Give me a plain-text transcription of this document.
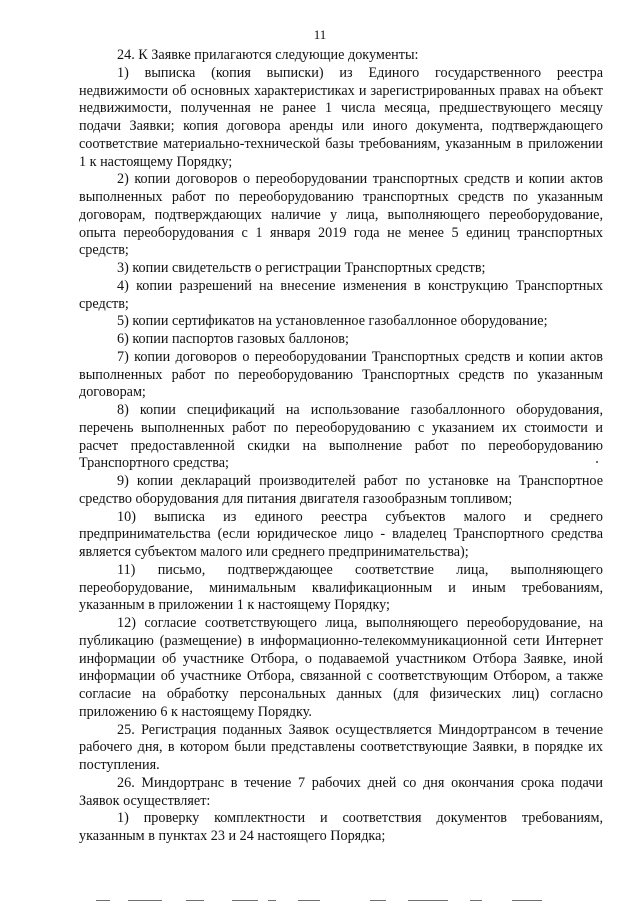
11

24. К Заявке прилагаются следующие документы:

1) выписка (копия выписки) из Единого государственного реестра недвижимости об основных характеристиках и зарегистрированных правах на объект недвижимости, полученная не ранее 1 числа месяца, предшествующего месяцу подачи Заявки; копия договора аренды или иного документа, подтверждающего соответствие материально-технической базы требованиям, указанным в приложении 1 к настоящему Порядку;

2) копии договоров о переоборудовании транспортных средств и копии актов выполненных работ по переоборудованию транспортных средств по указанным договорам, подтверждающих наличие у лица, выполняющего переоборудование, опыта переоборудования с 1 января 2019 года не менее 5 единиц транспортных средств;

3) копии свидетельств о регистрации Транспортных средств;

4) копии разрешений на внесение изменения в конструкцию Транспортных средств;

5) копии сертификатов на установленное газобаллонное оборудование;

6) копии паспортов газовых баллонов;

7) копии договоров о переоборудовании Транспортных средств и копии актов выполненных работ по переоборудованию Транспортных средств по указанным договорам;

8) копии спецификаций на использование газобаллонного оборудования, перечень выполненных работ по переоборудованию с указанием их стоимости и расчет предоставленной скидки на выполнение работ по переоборудованию Транспортного средства;

9) копии деклараций производителей работ по установке на Транспортное средство оборудования для питания двигателя газообразным топливом;

10) выписка из единого реестра субъектов малого и среднего предпринимательства (если юридическое лицо - владелец Транспортного средства является субъектом малого или среднего предпринимательства);

11) письмо, подтверждающее соответствие лица, выполняющего переоборудование, минимальным квалификационным и иным требованиям, указанным в приложении 1 к настоящему Порядку;

12) согласие соответствующего лица, выполняющего переоборудование, на публикацию (размещение) в информационно-телекоммуникационной сети Интернет информации об участнике Отбора, о подаваемой участником Отбора Заявке, иной информации об участнике Отбора, связанной с соответствующим Отбором, а также согласие на обработку персональных данных (для физических лиц) согласно приложению 6 к настоящему Порядку.

25. Регистрация поданных Заявок осуществляется Миндортрансом в течение рабочего дня, в котором были представлены соответствующие Заявки, в порядке их поступления.

26. Миндортранс в течение 7 рабочих дней со дня окончания срока подачи Заявок осуществляет:

1) проверку комплектности и соответствия документов требованиям, указанным в пунктах 23 и 24 настоящего Порядка;
